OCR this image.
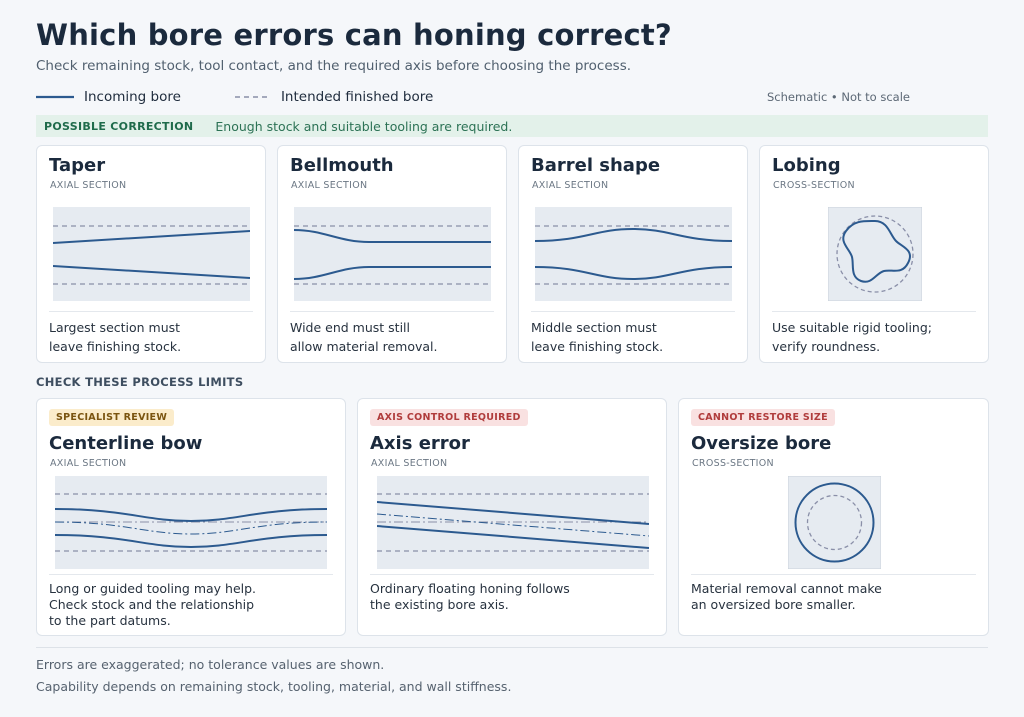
Which bore errors can honing correct?
Check remaining stock, tool contact, and the required axis before choosing the process.
Incoming bore	Intended finished bore	Schematic • Not to scale
POSSIBLE CORRECTION Enough stock and suitable tooling are required.
Taper
AXIAL SECTION
Largest section must
leave finishing stock.
Bellmouth
AXIAL SECTION
Wide end must still
allow material removal.
Barrel shape
AXIAL SECTION
Middle section must
leave finishing stock.
Lobing
CROSS-SECTION
Use suitable rigid tooling;
verify roundness.
CHECK THESE PROCESS LIMITS
SPECIALIST REVIEW
Centerline bow
AXIAL SECTION
Long or guided tooling may help.
Check stock and the relationship
to the part datums.
AXIS CONTROL REQUIRED
Axis error
AXIAL SECTION
Ordinary floating honing follows
the existing bore axis.
CANNOT RESTORE SIZE
Oversize bore
CROSS-SECTION
Material removal cannot make
an oversized bore smaller.
Errors are exaggerated; no tolerance values are shown.
Capability depends on remaining stock, tooling, material, and wall stiffness.
